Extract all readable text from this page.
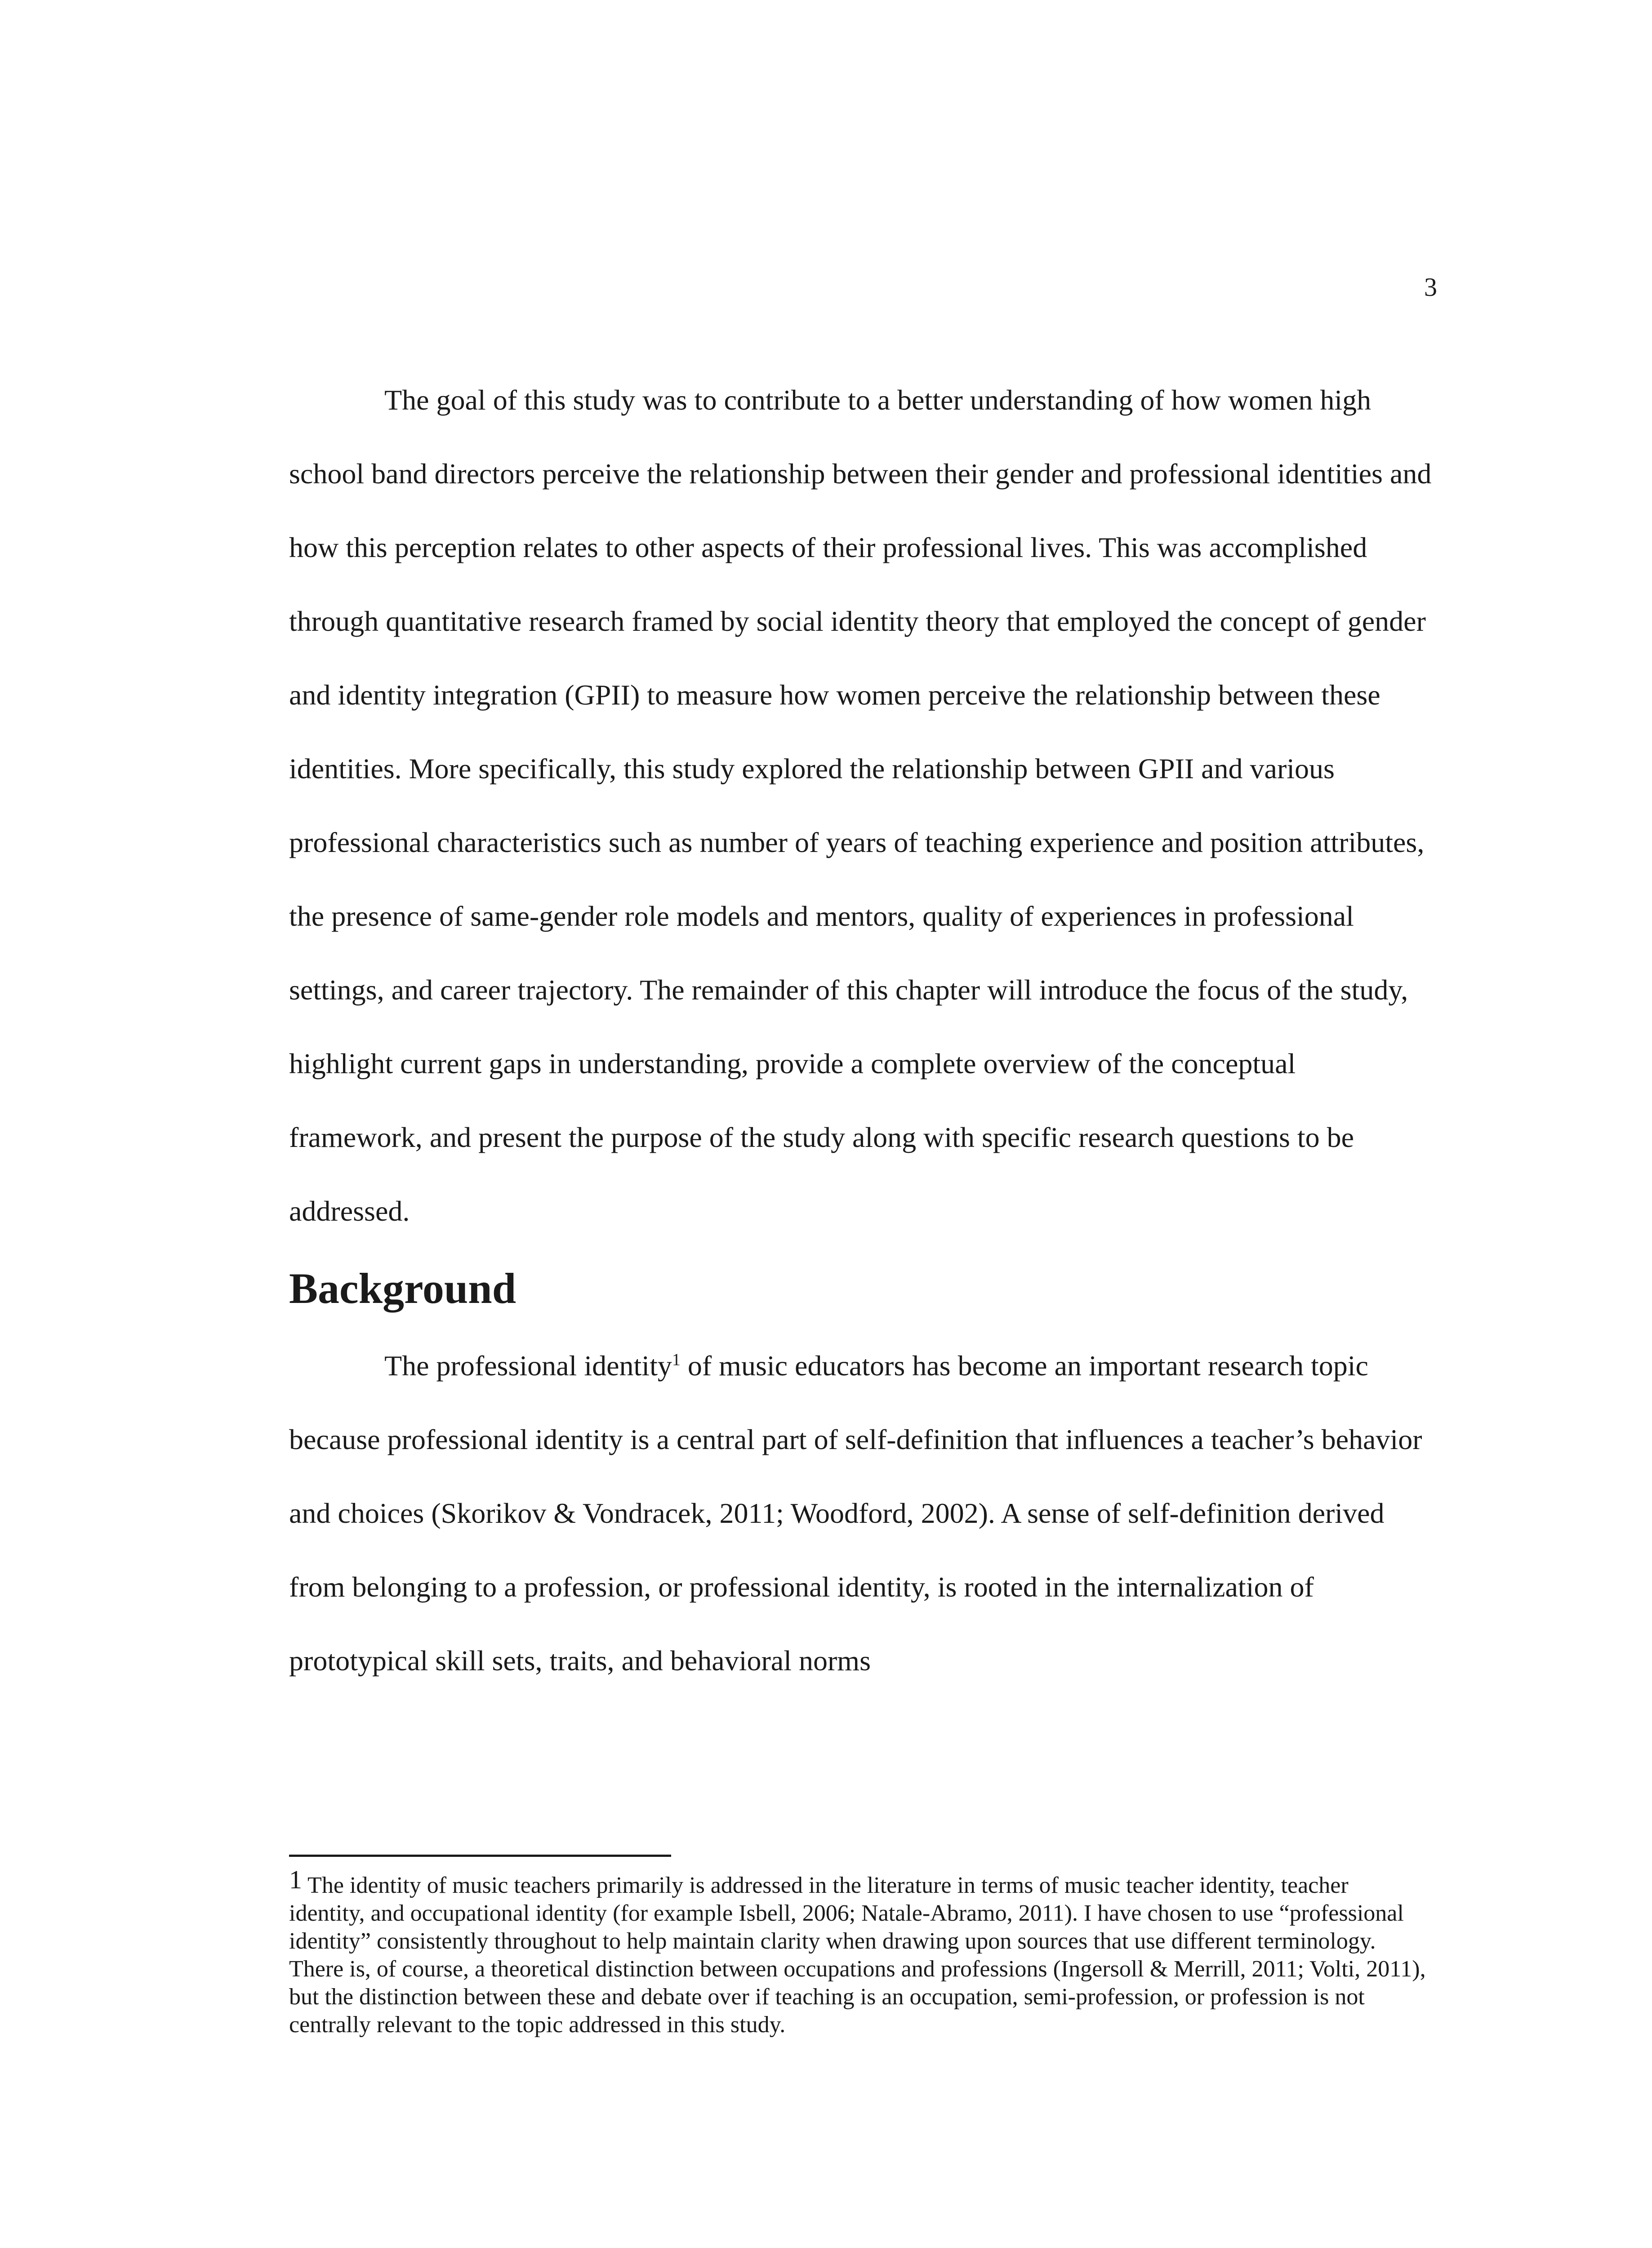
3

The goal of this study was to contribute to a better understanding of how women high school band directors perceive the relationship between their gender and professional identities and how this perception relates to other aspects of their professional lives. This was accomplished through quantitative research framed by social identity theory that employed the concept of gender and identity integration (GPII) to measure how women perceive the relationship between these identities. More specifically, this study explored the relationship between GPII and various professional characteristics such as number of years of teaching experience and position attributes, the presence of same-gender role models and mentors, quality of experiences in professional settings, and career trajectory. The remainder of this chapter will introduce the focus of the study, highlight current gaps in understanding, provide a complete overview of the conceptual framework, and present the purpose of the study along with specific research questions to be addressed.

Background

The professional identity$^1$ of music educators has become an important research topic because professional identity is a central part of self-definition that influences a teacher’s behavior and choices (Skorikov & Vondracek, 2011; Woodford, 2002). A sense of self-definition derived from belonging to a profession, or professional identity, is rooted in the internalization of prototypical skill sets, traits, and behavioral norms

1 The identity of music teachers primarily is addressed in the literature in terms of music teacher identity, teacher identity, and occupational identity (for example Isbell, 2006; Natale-Abramo, 2011). I have chosen to use “professional identity” consistently throughout to help maintain clarity when drawing upon sources that use different terminology. There is, of course, a theoretical distinction between occupations and professions (Ingersoll & Merrill, 2011; Volti, 2011), but the distinction between these and debate over if teaching is an occupation, semi-profession, or profession is not centrally relevant to the topic addressed in this study.
